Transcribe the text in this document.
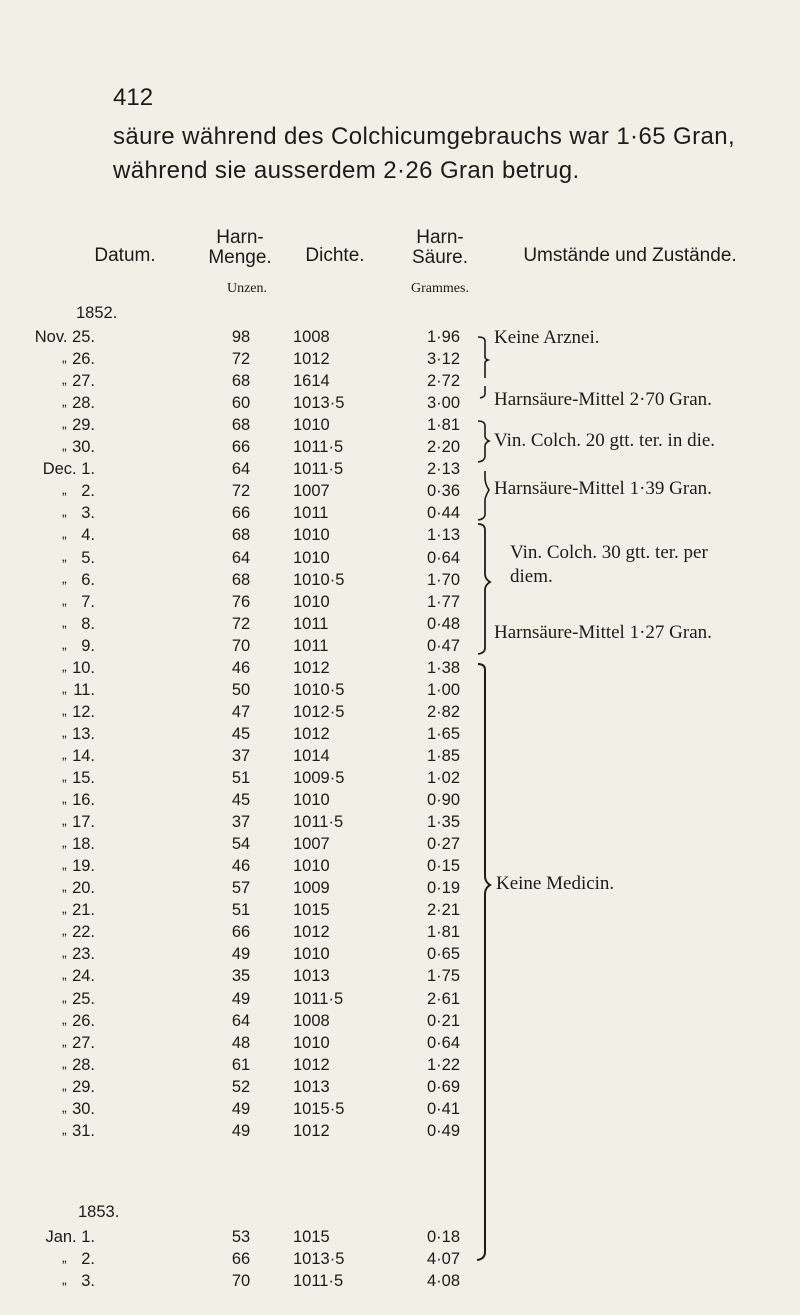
412
säure während des Colchicumgebrauchs war 1·65 Gran,
während sie ausserdem 2·26 Gran betrug.
Datum.
Harn-
Menge.
Unzen.
Dichte.
Harn-
Säure.
Grammes.
Umstände und Zustände.
1852.
1853.
Nov. 25.	98	1008	1·96
„ 26.	72	1012	3·12
„ 27.	68	1614	2·72
„ 28.	60	1013·5	3·00
„ 29.	68	1010	1·81
„ 30.	66	1011·5	2·20
Dec. 1.	64	1011·5	2·13
„ 2.	72	1007	0·36
„ 3.	66	1011	0·44
„ 4.	68	1010	1·13
„ 5.	64	1010	0·64
„ 6.	68	1010·5	1·70
„ 7.	76	1010	1·77
„ 8.	72	1011	0·48
„ 9.	70	1011	0·47
„ 10.	46	1012	1·38
„ 11.	50	1010·5	1·00
„ 12.	47	1012·5	2·82
„ 13.	45	1012	1·65
„ 14.	37	1014	1·85
„ 15.	51	1009·5	1·02
„ 16.	45	1010	0·90
„ 17.	37	1011·5	1·35
„ 18.	54	1007	0·27
„ 19.	46	1010	0·15
„ 20.	57	1009	0·19
„ 21.	51	1015	2·21
„ 22.	66	1012	1·81
„ 23.	49	1010	0·65
„ 24.	35	1013	1·75
„ 25.	49	1011·5	2·61
„ 26.	64	1008	0·21
„ 27.	48	1010	0·64
„ 28.	61	1012	1·22
„ 29.	52	1013	0·69
„ 30.	49	1015·5	0·41
„ 31.	49	1012	0·49
Jan. 1.	53	1015	0·18
„ 2.	66	1013·5	4·07
„ 3.	70	1011·5	4·08
Keine Arznei.
Harnsäure-Mittel 2·70 Gran.
Vin. Colch. 20 gtt. ter. in die.
Harnsäure-Mittel 1·39 Gran.
Vin. Colch. 30 gtt. ter. per
diem.
Harnsäure-Mittel 1·27 Gran.
Keine Medicin.
